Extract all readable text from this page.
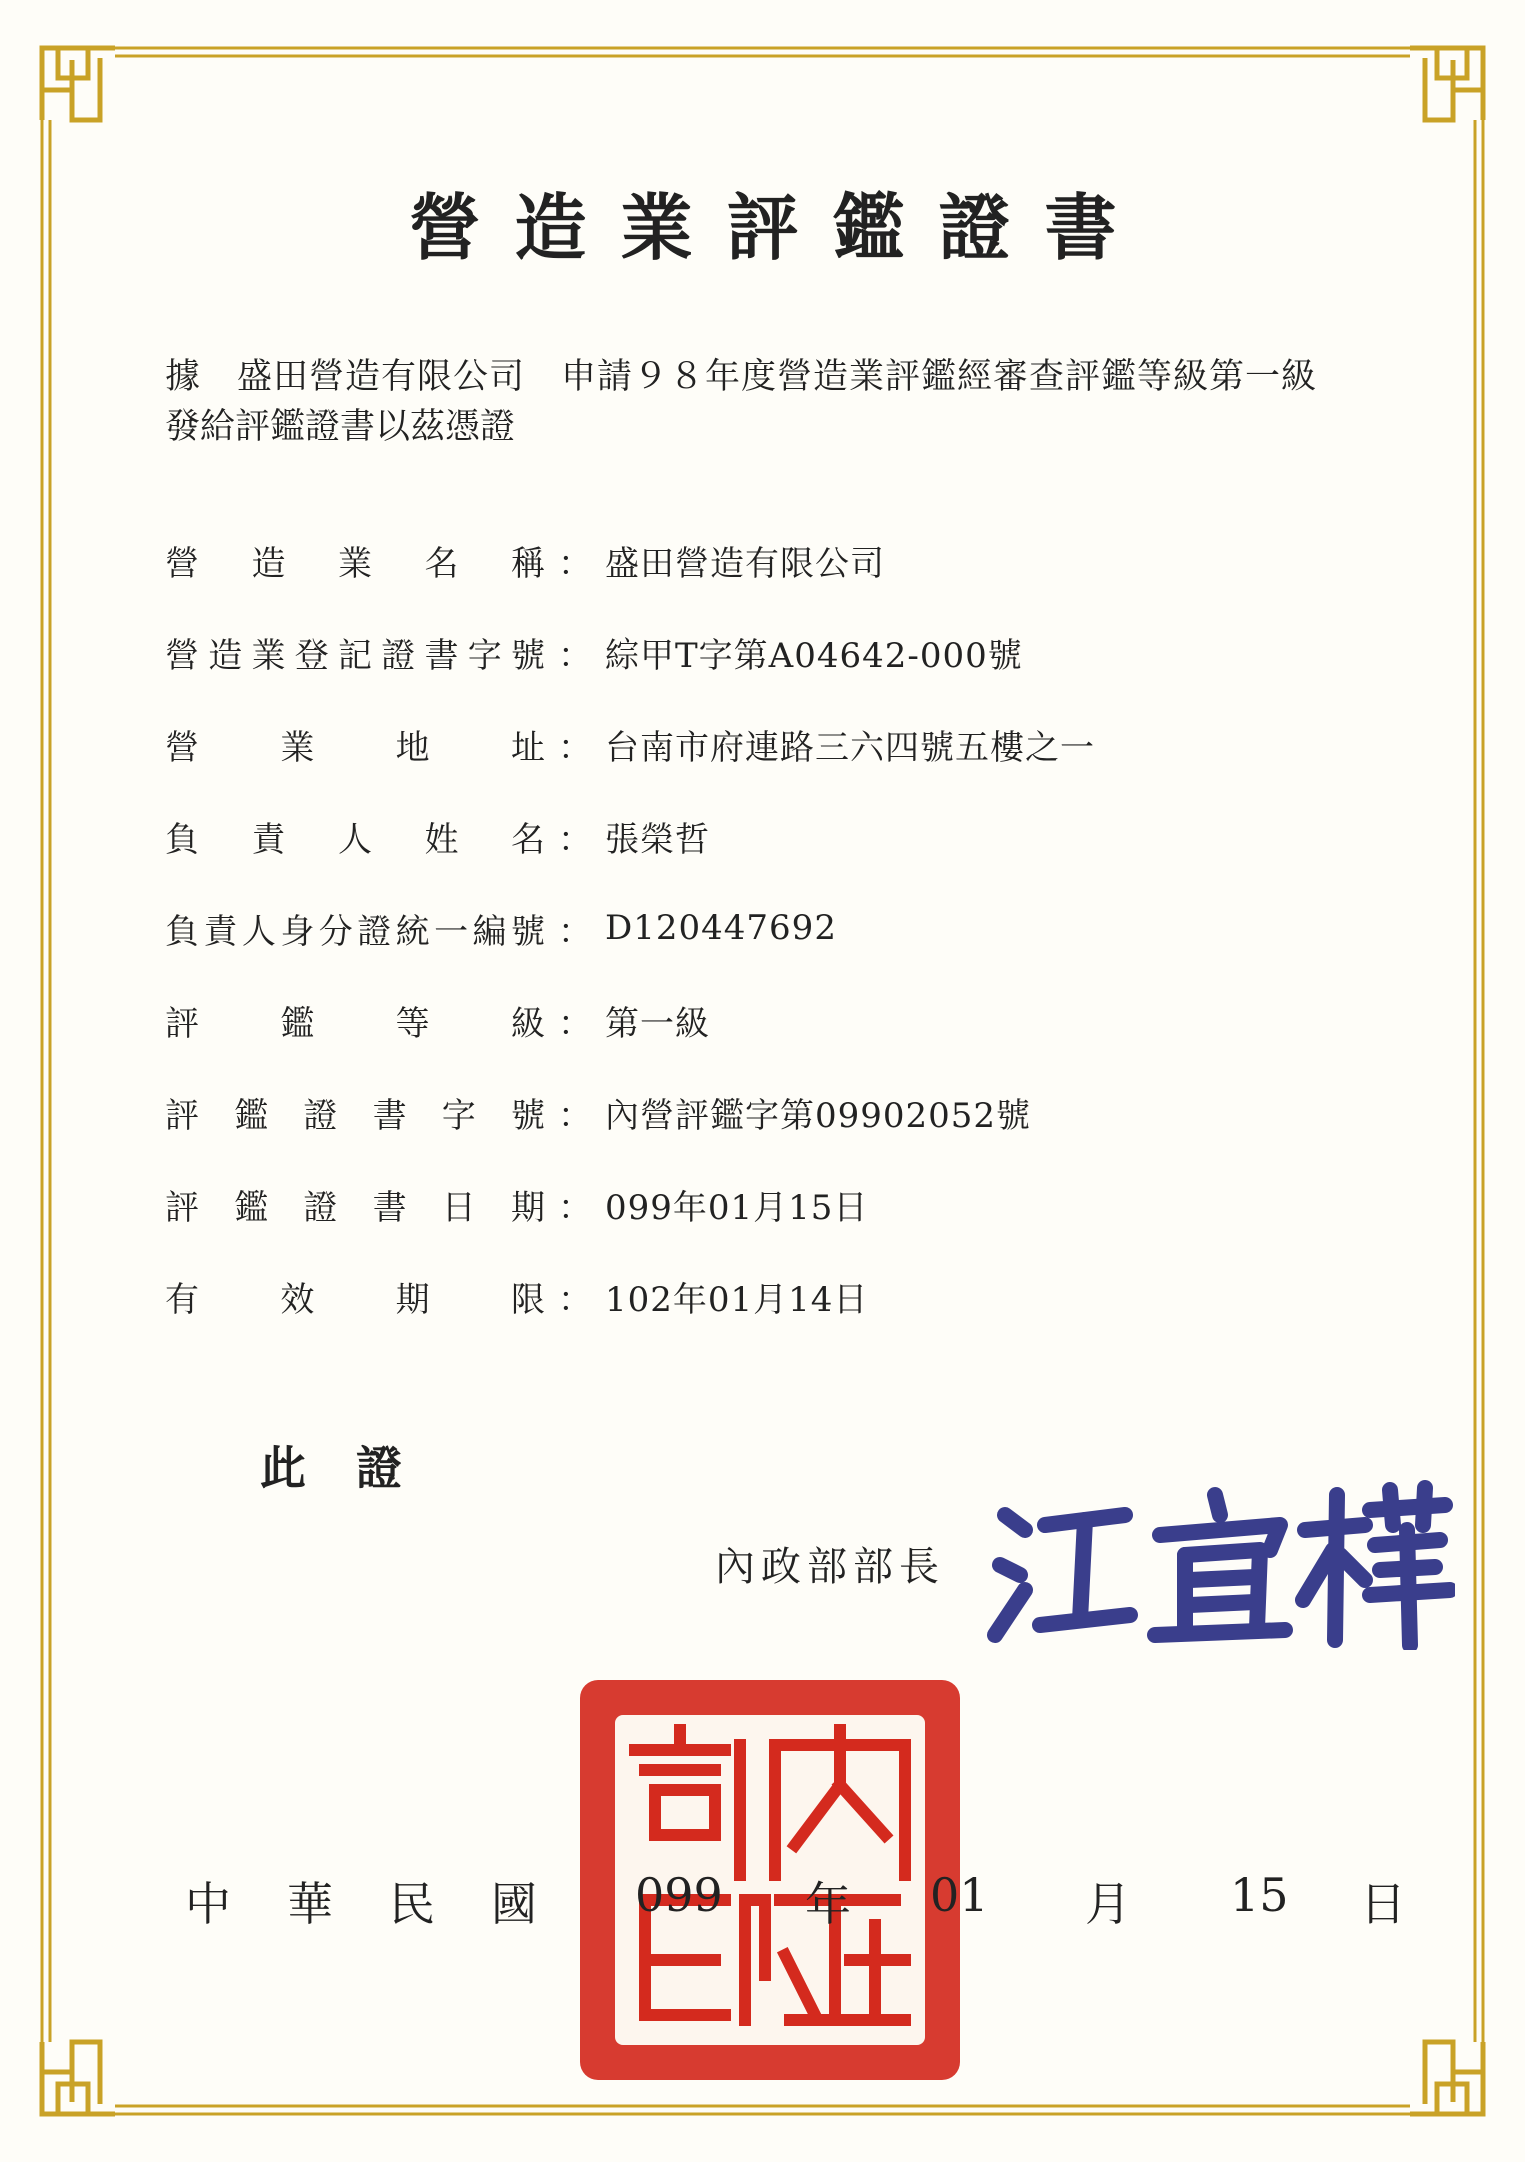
營造業評鑑證書
據　盛田營造有限公司　申請９８年度營造業評鑑經審查評鑑等級第一級
發給評鑑證書以茲憑證
營 造 業 名 稱 ： 盛田營造有限公司
營 造 業 登 記 證 書 字 號 ： 綜甲T字第A04642-000號
營 業 地 址 ： 台南市府連路三六四號五樓之一
負 責 人 姓 名 ： 張榮哲
負 責 人 身 分 證 統 一 編 號 ： D120447692
評 鑑 等 級 ： 第一級
評 鑑 證 書 字 號 ： 內營評鑑字第09902052號
評 鑑 證 書 日 期 ： 099年01月15日
有 效 期 限 ： 102年01月14日
此證
內政部部長
中華民國 099 年 01 月 15 日
